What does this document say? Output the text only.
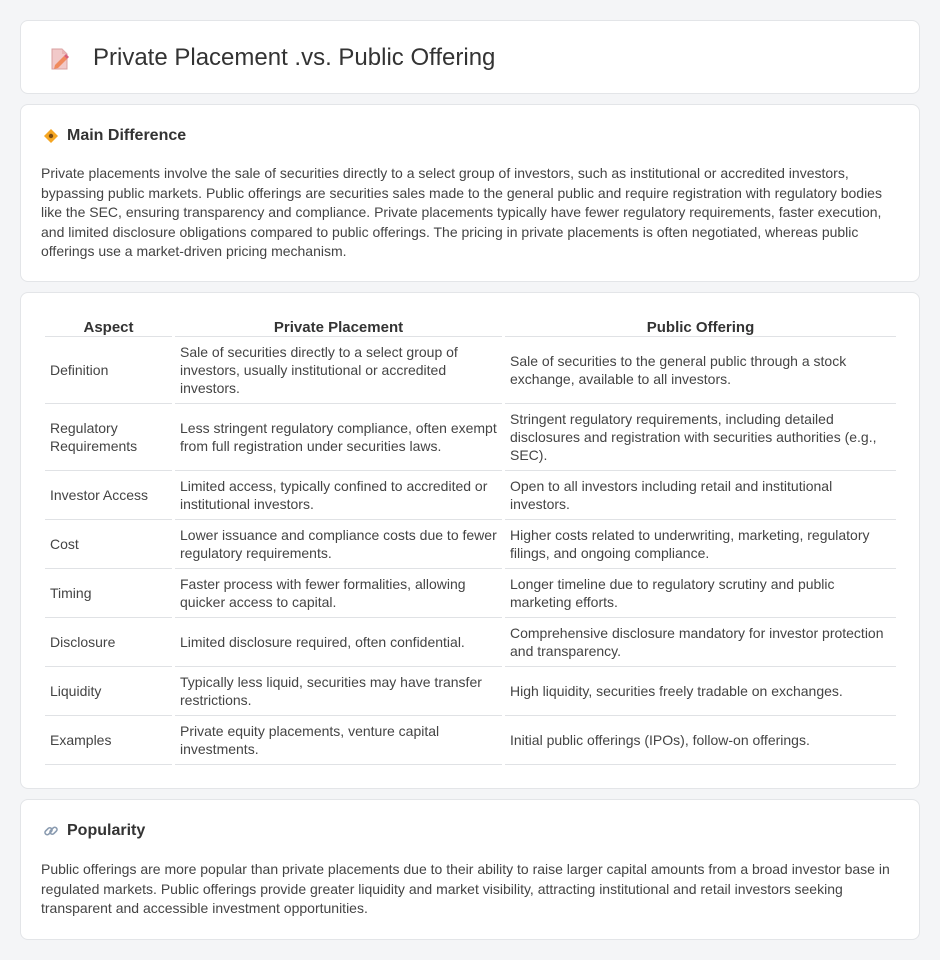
Private Placement .vs. Public Offering
Main Difference

Private placements involve the sale of securities directly to a select group of investors, such as institutional or accredited investors, bypassing public markets. Public offerings are securities sales made to the general public and require registration with regulatory bodies like the SEC, ensuring transparency and compliance. Private placements typically have fewer regulatory requirements, faster execution, and limited disclosure obligations compared to public offerings. The pricing in private placements is often negotiated, whereas public offerings use a market-driven pricing mechanism.

Aspect	Private Placement	Public Offering
Definition	Sale of securities directly to a select group of investors, usually institutional or accredited investors.	Sale of securities to the general public through a stock exchange, available to all investors.
Regulatory Requirements	Less stringent regulatory compliance, often exempt from full registration under securities laws.	Stringent regulatory requirements, including detailed disclosures and registration with securities authorities (e.g., SEC).
Investor Access	Limited access, typically confined to accredited or institutional investors.	Open to all investors including retail and institutional investors.
Cost	Lower issuance and compliance costs due to fewer regulatory requirements.	Higher costs related to underwriting, marketing, regulatory filings, and ongoing compliance.
Timing	Faster process with fewer formalities, allowing quicker access to capital.	Longer timeline due to regulatory scrutiny and public marketing efforts.
Disclosure	Limited disclosure required, often confidential.	Comprehensive disclosure mandatory for investor protection and transparency.
Liquidity	Typically less liquid, securities may have transfer restrictions.	High liquidity, securities freely tradable on exchanges.
Examples	Private equity placements, venture capital investments.	Initial public offerings (IPOs), follow-on offerings.
Popularity

Public offerings are more popular than private placements due to their ability to raise larger capital amounts from a broad investor base in regulated markets. Public offerings provide greater liquidity and market visibility, attracting institutional and retail investors seeking transparent and accessible investment opportunities.
